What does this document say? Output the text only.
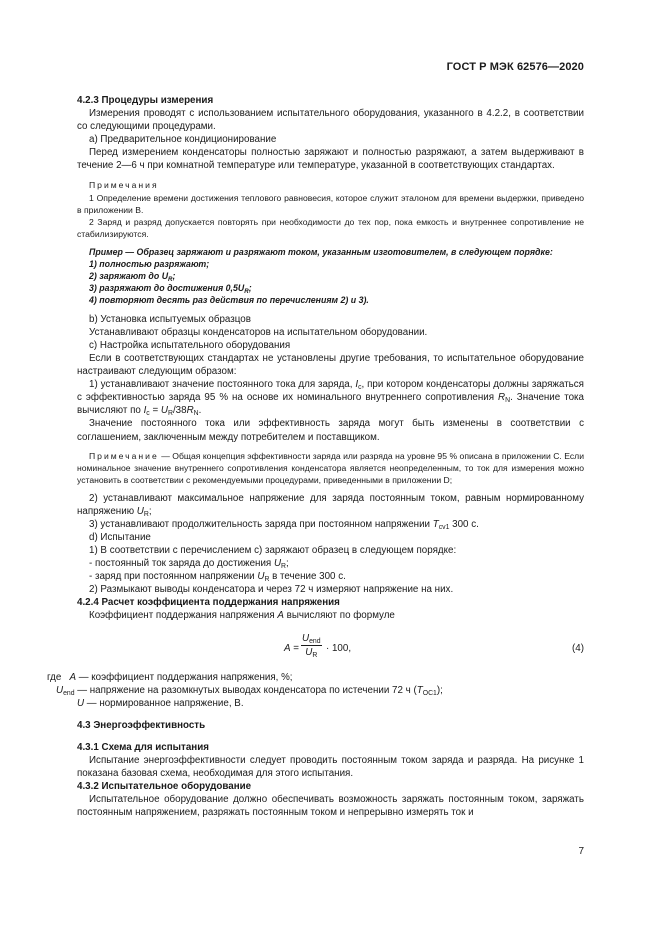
ГОСТ Р МЭК 62576—2020

4.2.3 Процедуры измерения

Измерения проводят с использованием испытательного оборудования, указанного в 4.2.2, в соответствии со следующими процедурами.

а) Предварительное кондиционирование

Перед измерением конденсаторы полностью заряжают и полностью разряжают, а затем выдерживают в течение 2—6 ч при комнатной температуре или температуре, указанной в соответствующих стандартах.

Примечания

1 Определение времени достижения теплового равновесия, которое служит эталоном для времени выдержки, приведено в приложении В.

2 Заряд и разряд допускается повторять при необходимости до тех пор, пока емкость и внутреннее сопротивление не стабилизируются.

Пример — Образец заряжают и разряжают током, указанным изготовителем, в следующем порядке:

1) полностью разряжают;

2) заряжают до $U_R$;

3) разряжают до достижения $0,5U_R$;

4) повторяют десять раз действия по перечислениям 2) и 3).

b) Установка испытуемых образцов

Устанавливают образцы конденсаторов на испытательном оборудовании.

с) Настройка испытательного оборудования

Если в соответствующих стандартах не установлены другие требования, то испытательное оборудование настраивают следующим образом:

1) устанавливают значение постоянного тока для заряда, $I_c$, при котором конденсаторы должны заряжаться с эффективностью заряда 95 % на основе их номинального внутреннего сопротивления $R_N$. Значение тока вычисляют по $I_c = U_R/38R_N$.

Значение постоянного тока или эффективность заряда могут быть изменены в соответствии с соглашением, заключенным между потребителем и поставщиком.

Примечание — Общая концепция эффективности заряда или разряда на уровне 95 % описана в приложении С. Если номинальное значение внутреннего сопротивления конденсатора является неопределенным, то ток для измерения можно установить в соответствии с рекомендуемыми процедурами, приведенными в приложении D;

2) устанавливают максимальное напряжение для заряда постоянным током, равным нормированному напряжению $U_R$;

3) устанавливают продолжительность заряда при постоянном напряжении $T_{cv1}$ 300 с.

d) Испытание

1) В соответствии с перечислением с) заряжают образец в следующем порядке:

- постоянный ток заряда до достижения $U_R$;

- заряд при постоянном напряжении $U_R$ в течение 300 с.

2) Размыкают выводы конденсатора и через 72 ч измеряют напряжение на них.

4.2.4 Расчет коэффициента поддержания напряжения

Коэффициент поддержания напряжения A вычисляют по формуле

A =
$U_{end}$
$U_R$
· 100,	(4)

где A — коэффициент поддержания напряжения, %;

$U_{end}$ — напряжение на разомкнутых выводах конденсатора по истечении 72 ч $(T_{OC1})$;

U — нормированное напряжение, В.

4.3 Энергоэффективность

4.3.1 Схема для испытания

Испытание энергоэффективности следует проводить постоянным током заряда и разряда. На рисунке 1 показана базовая схема, необходимая для этого испытания.

4.3.2 Испытательное оборудование

Испытательное оборудование должно обеспечивать возможность заряжать постоянным током, заряжать постоянным напряжением, разряжать постоянным током и непрерывно измерять ток и

7
